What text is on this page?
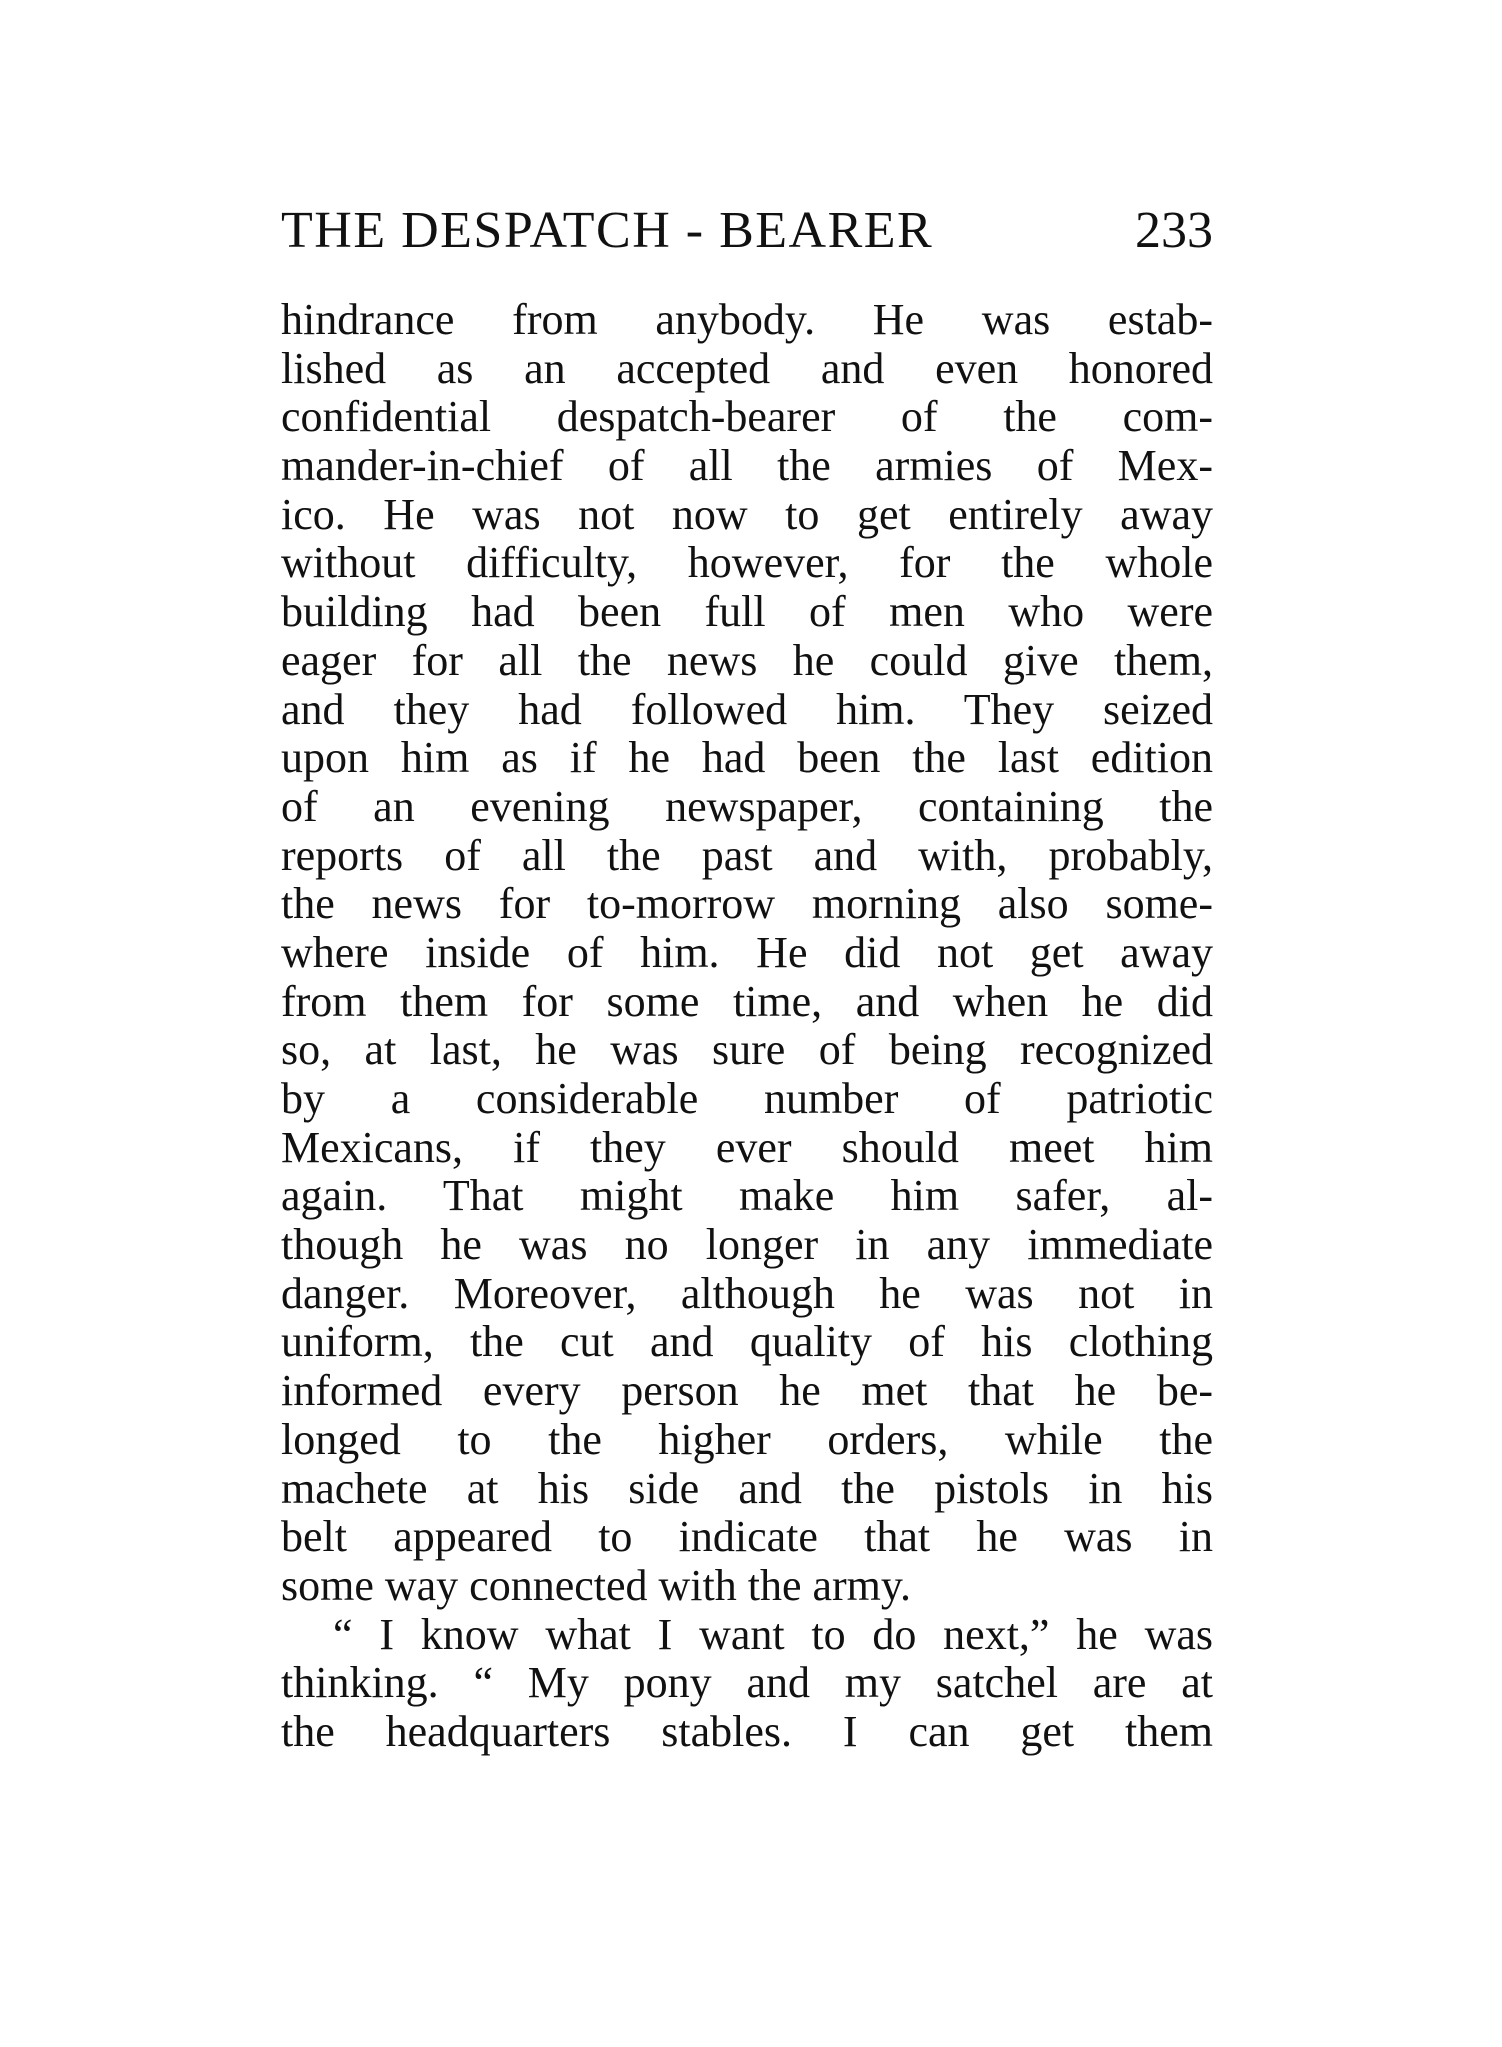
THE DESPATCH - BEARER	233
hindrance from anybody. He was estab-
lished as an accepted and even honored
confidential despatch-bearer of the com-
mander-in-chief of all the armies of Mex-
ico. He was not now to get entirely away
without difficulty, however, for the whole
building had been full of men who were
eager for all the news he could give them,
and they had followed him. They seized
upon him as if he had been the last edition
of an evening newspaper, containing the
reports of all the past and with, probably,
the news for to-morrow morning also some-
where inside of him. He did not get away
from them for some time, and when he did
so, at last, he was sure of being recognized
by a considerable number of patriotic
Mexicans, if they ever should meet him
again. That might make him safer, al-
though he was no longer in any immediate
danger. Moreover, although he was not in
uniform, the cut and quality of his clothing
informed every person he met that he be-
longed to the higher orders, while the
machete at his side and the pistols in his
belt appeared to indicate that he was in
some way connected with the army.
“ I know what I want to do next,” he was
thinking. “ My pony and my satchel are at
the headquarters stables. I can get them
